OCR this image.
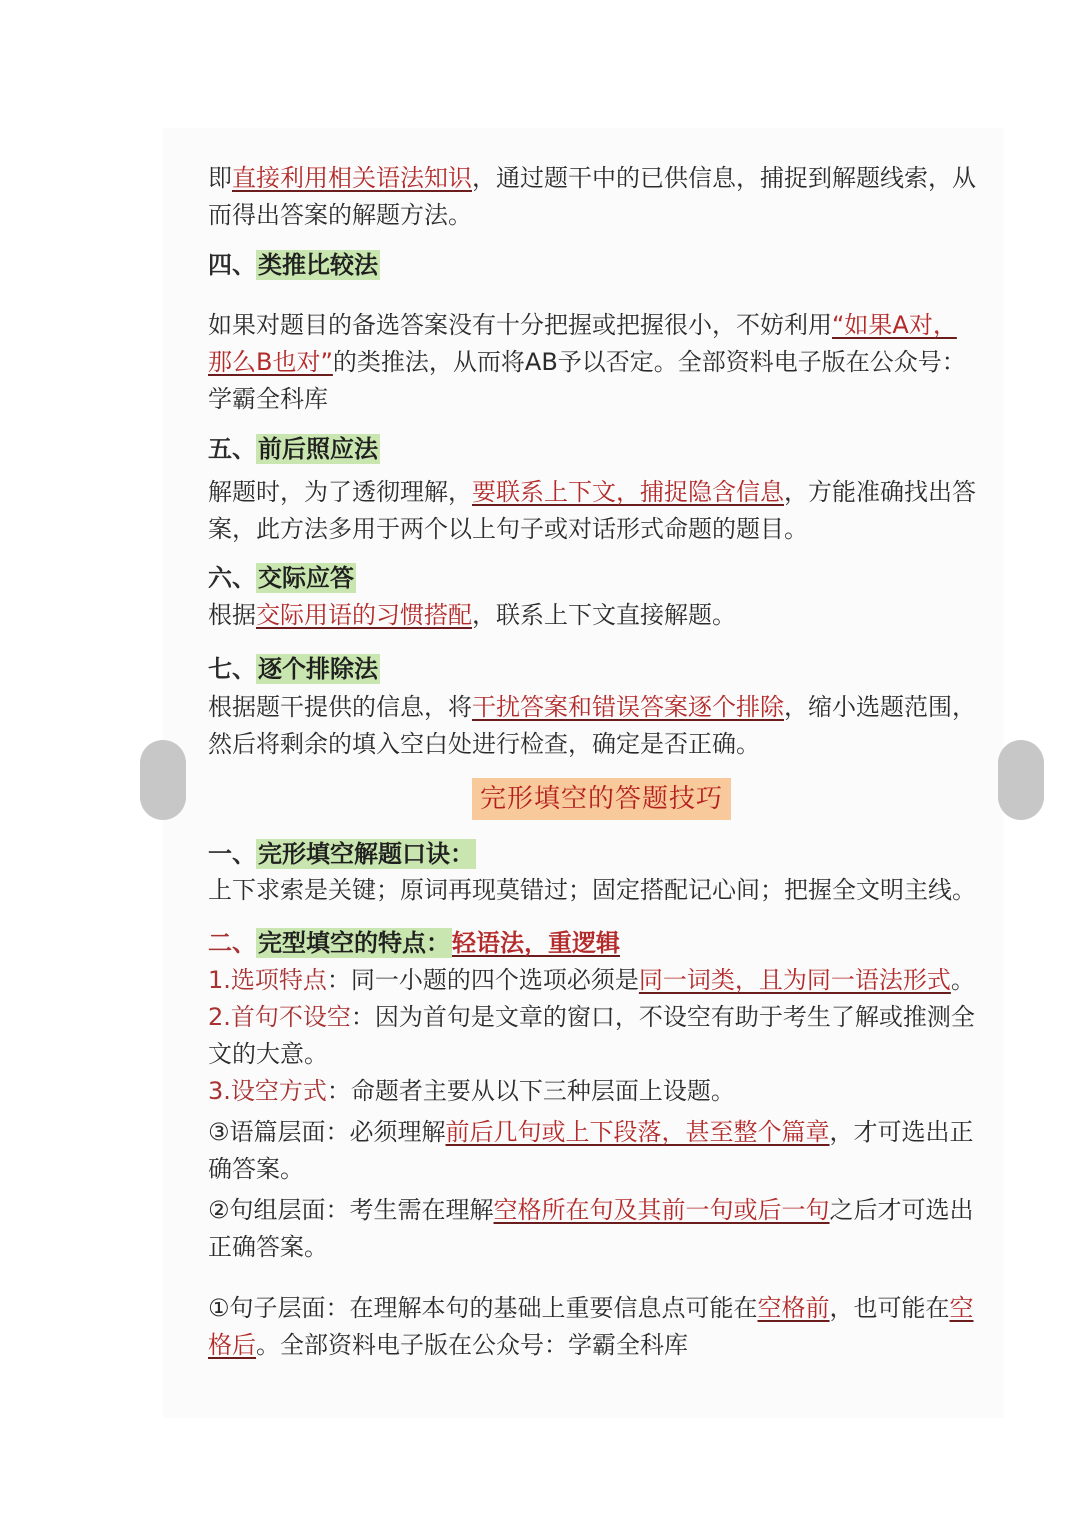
即直接利用相关语法知识，通过题干中的已供信息，捕捉到解题线索，从而得出答案的解题方法。
四、类推比较法
如果对题目的备选答案没有十分把握或把握很小，不妨利用“如果A对，那么B也对”的类推法，从而将AB予以否定。全部资料电子版在公众号：学霸全科库
五、前后照应法
解题时，为了透彻理解，要联系上下文，捕捉隐含信息，方能准确找出答案，此方法多用于两个以上句子或对话形式命题的题目。
六、交际应答
根据交际用语的习惯搭配，联系上下文直接解题。
七、逐个排除法
根据题干提供的信息，将干扰答案和错误答案逐个排除，缩小选题范围，然后将剩余的填入空白处进行检查，确定是否正确。
完形填空的答题技巧
一、完形填空解题口诀：
上下求索是关键；原词再现莫错过；固定搭配记心间；把握全文明主线。
二、完型填空的特点：轻语法，重逻辑
1.选项特点：同一小题的四个选项必须是同一词类，且为同一语法形式。
2.首句不设空：因为首句是文章的窗口，不设空有助于考生了解或推测全文的大意。
3.设空方式：命题者主要从以下三种层面上设题。
③语篇层面：必须理解前后几句或上下段落，甚至整个篇章，才可选出正确答案。
②句组层面：考生需在理解空格所在句及其前一句或后一句之后才可选出正确答案。
①句子层面：在理解本句的基础上重要信息点可能在空格前，也可能在空格后。全部资料电子版在公众号：学霸全科库
